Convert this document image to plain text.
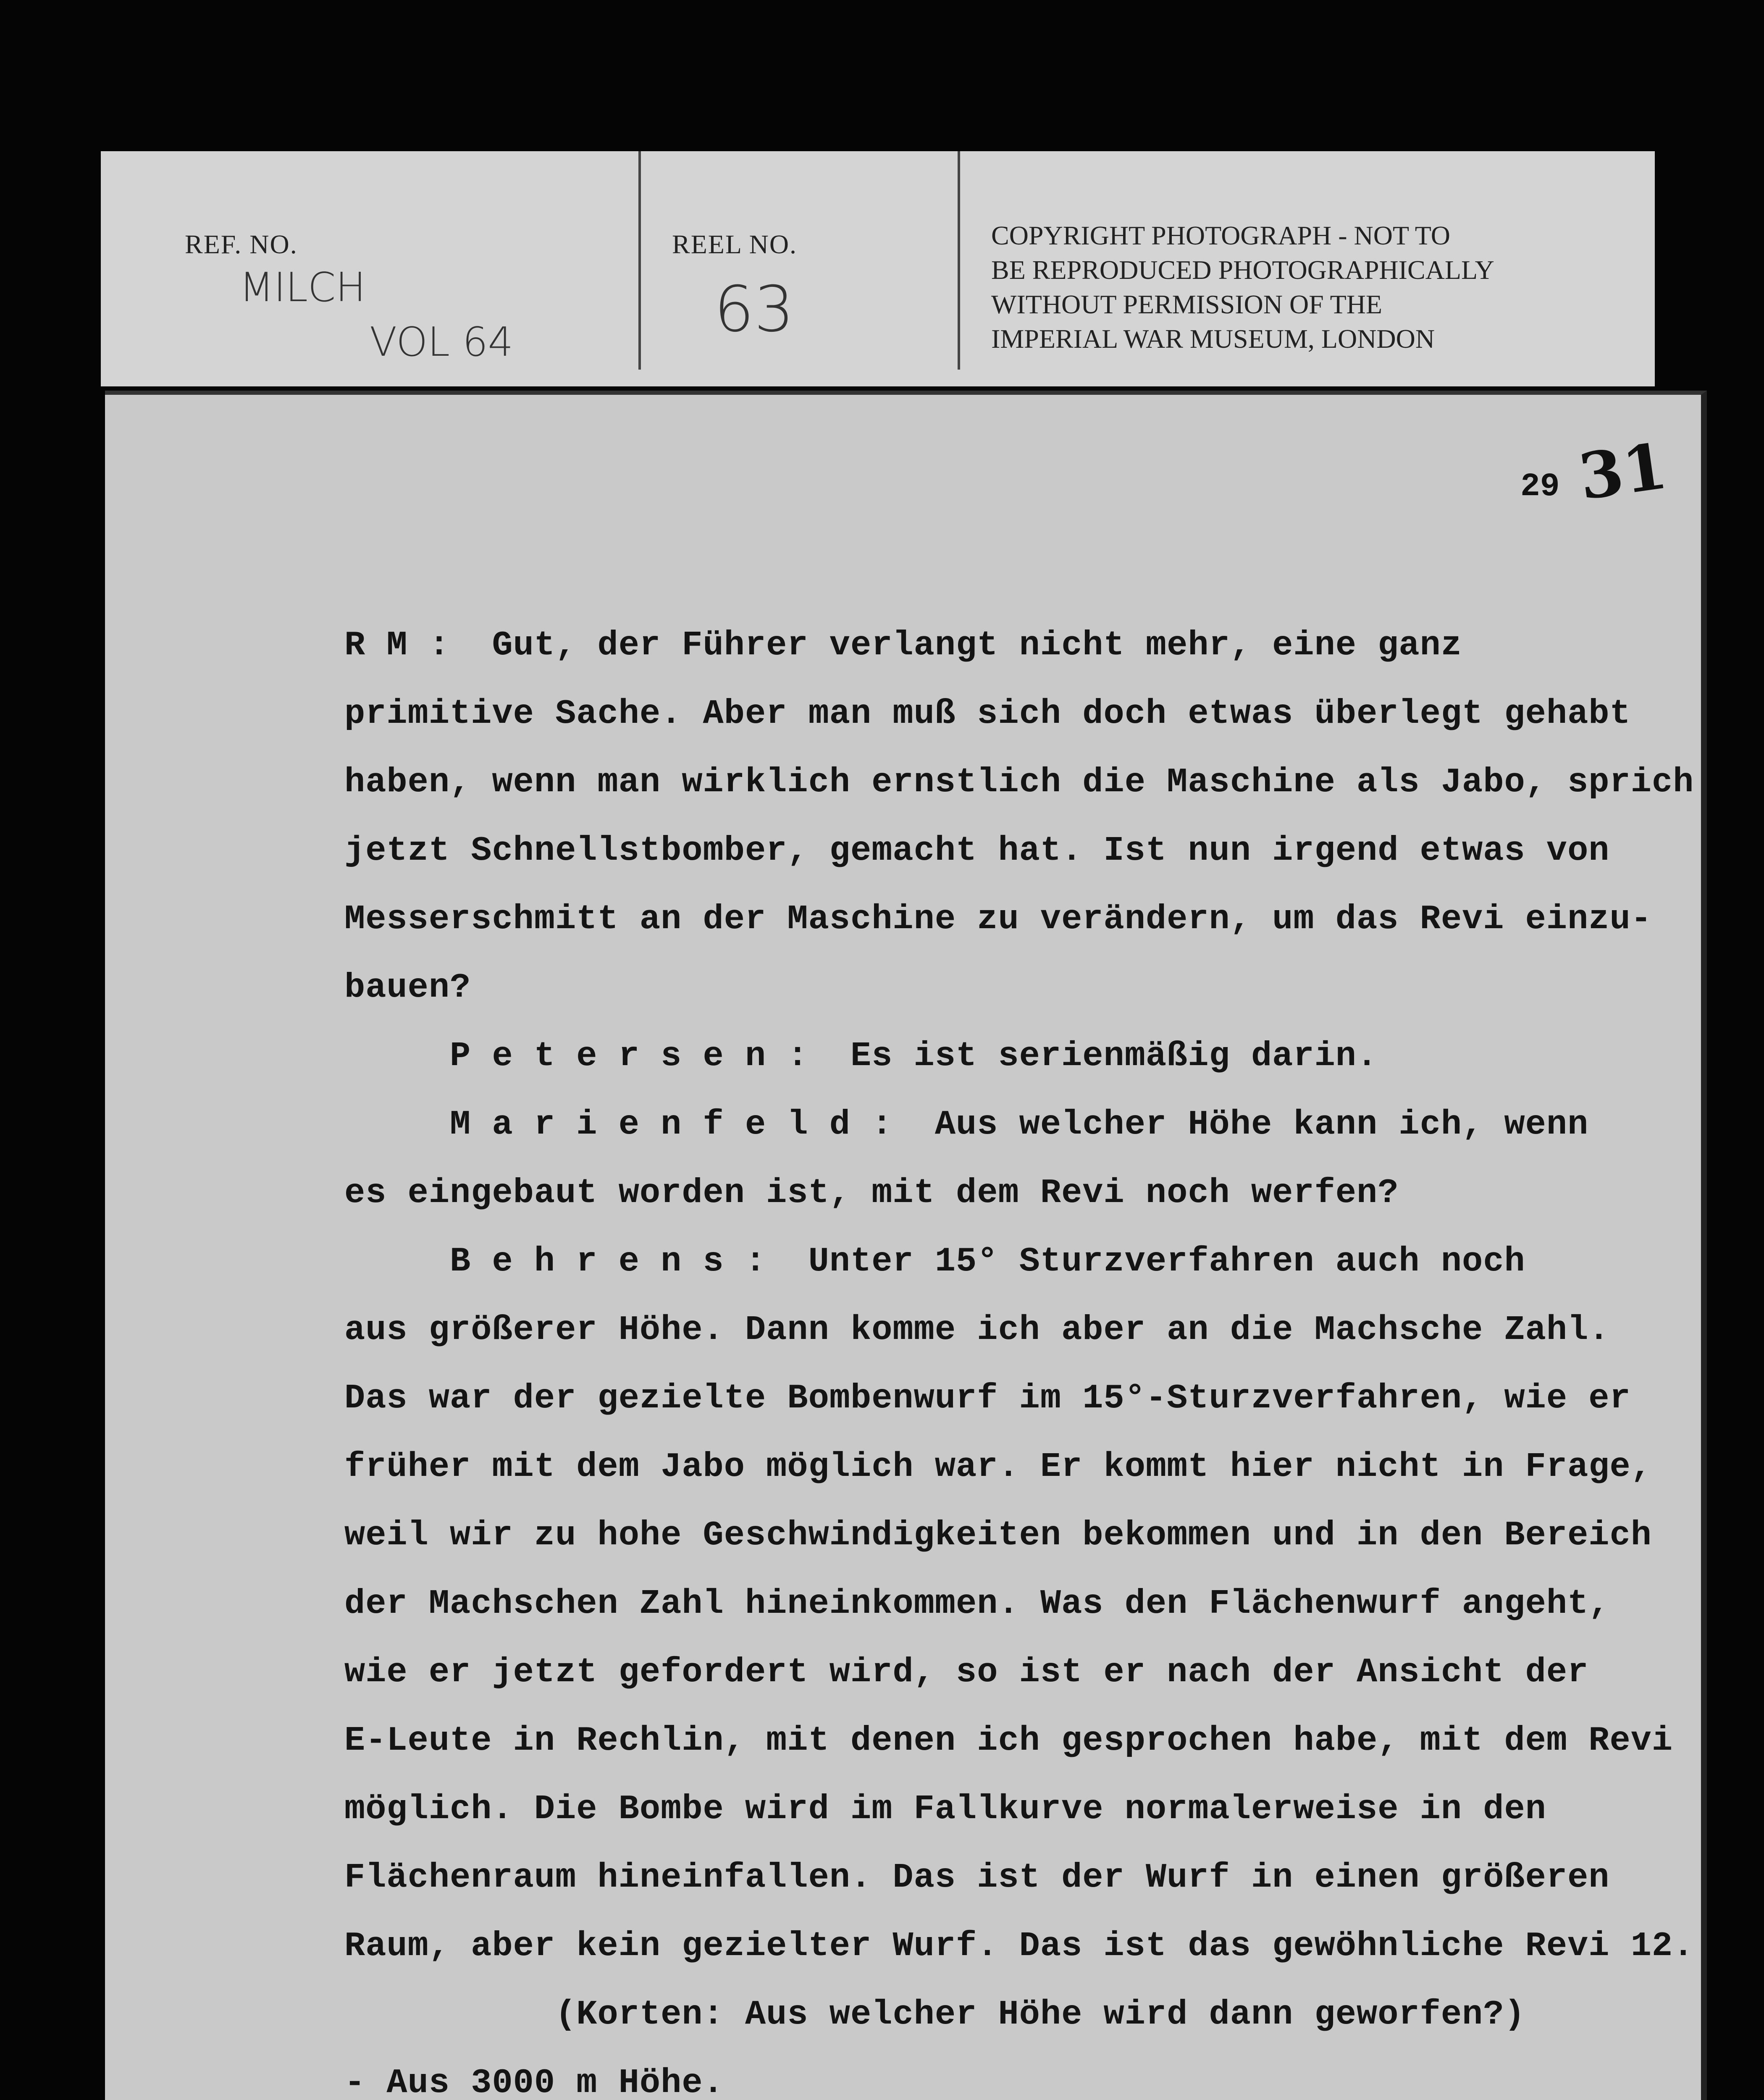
REF. NO.
MILCH
VOL 64
REEL NO.
63
COPYRIGHT PHOTOGRAPH - NOT TO
BE REPRODUCED PHOTOGRAPHICALLY
WITHOUT PERMISSION OF THE
IMPERIAL WAR MUSEUM, LONDON
29 31
R M :  Gut, der Führer verlangt nicht mehr, eine ganz
primitive Sache. Aber man muß sich doch etwas überlegt gehabt
haben, wenn man wirklich ernstlich die Maschine als Jabo, sprich
jetzt Schnellstbomber, gemacht hat. Ist nun irgend etwas von
Messerschmitt an der Maschine zu verändern, um das Revi einzu-
bauen?
P e t e r s e n :  Es ist serienmäßig darin.
M a r i e n f e l d :  Aus welcher Höhe kann ich, wenn
es eingebaut worden ist, mit dem Revi noch werfen?
B e h r e n s :  Unter 15° Sturzverfahren auch noch
aus größerer Höhe. Dann komme ich aber an die Machsche Zahl.
Das war der gezielte Bombenwurf im 15°-Sturzverfahren, wie er
früher mit dem Jabo möglich war. Er kommt hier nicht in Frage,
weil wir zu hohe Geschwindigkeiten bekommen und in den Bereich
der Machschen Zahl hineinkommen. Was den Flächenwurf angeht,
wie er jetzt gefordert wird, so ist er nach der Ansicht der
E-Leute in Rechlin, mit denen ich gesprochen habe, mit dem Revi
möglich. Die Bombe wird im Fallkurve normalerweise in den
Flächenraum hineinfallen. Das ist der Wurf in einen größeren
Raum, aber kein gezielter Wurf. Das ist das gewöhnliche Revi 12.
(Korten: Aus welcher Höhe wird dann geworfen?)
- Aus 3000 m Höhe.
